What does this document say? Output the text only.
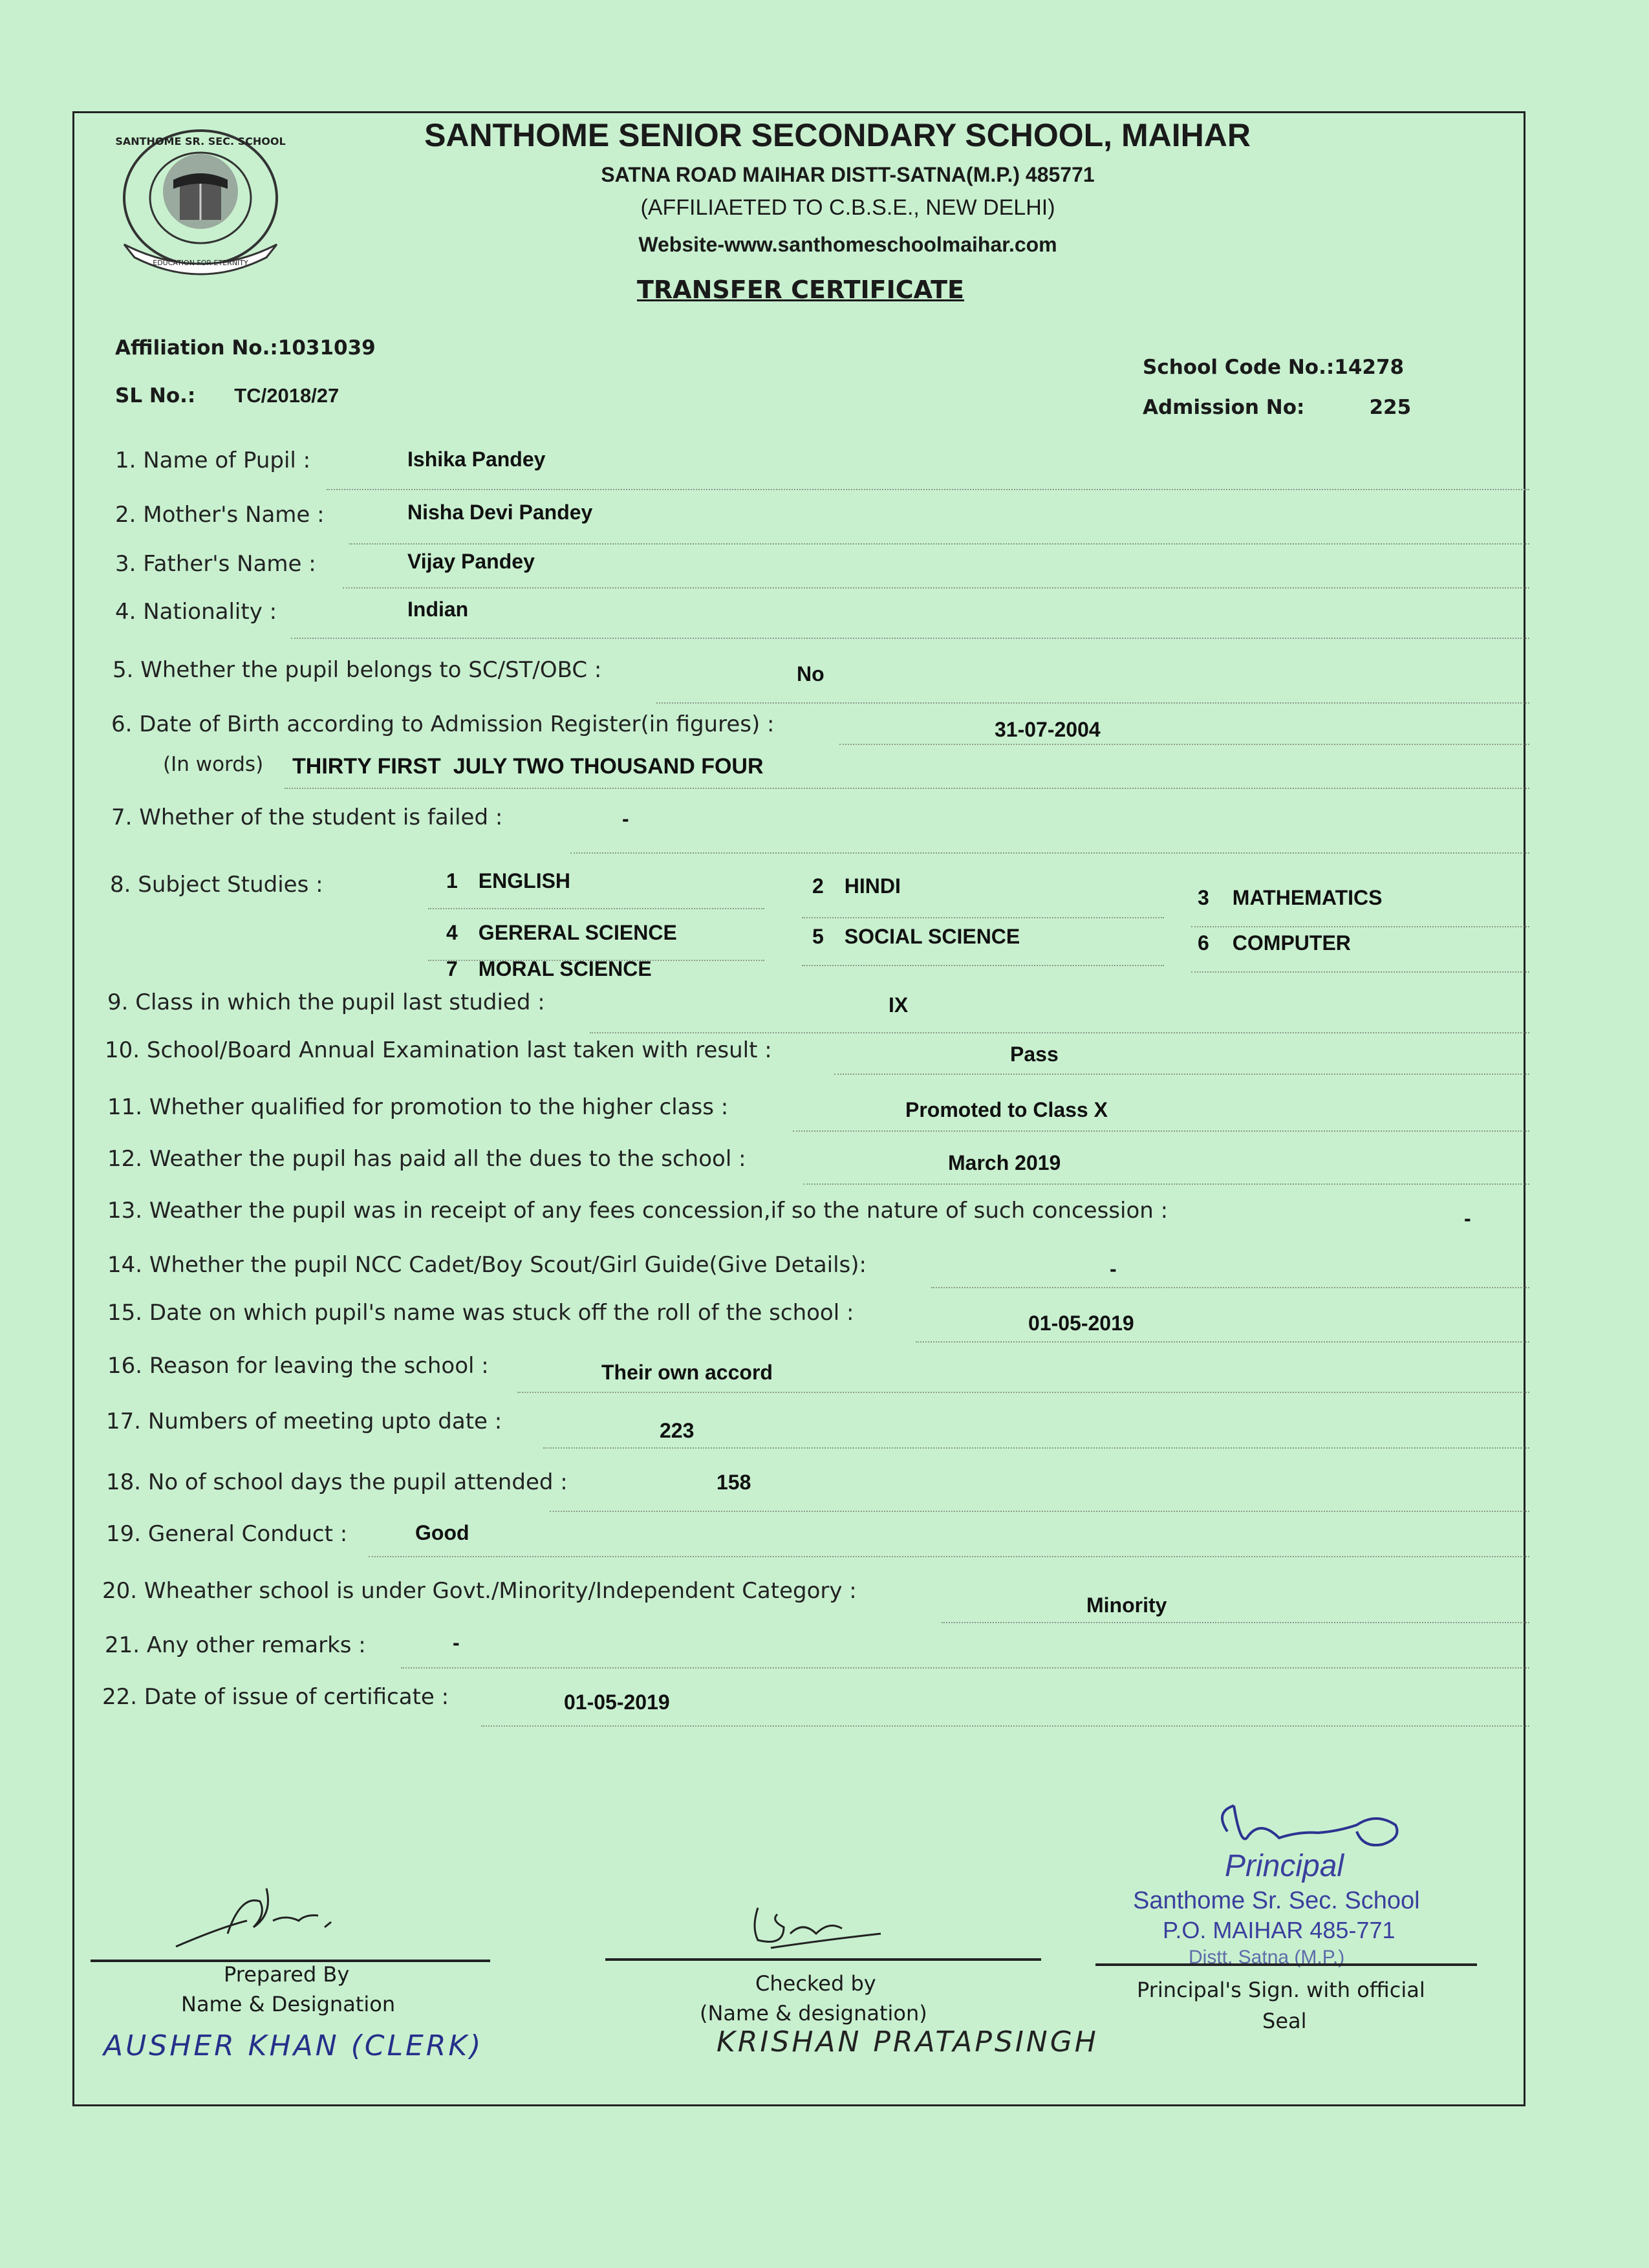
EDUCATION FOR ETERNITY
SANTHOME SR. SEC. SCHOOL	SANTHOME SENIOR SECONDARY SCHOOL, MAIHAR
SATNA ROAD MAIHAR DISTT-SATNA(M.P.) 485771
(AFFILIAETED TO C.B.S.E., NEW DELHI)
Website-www.santhomeschoolmaihar.com
TRANSFER CERTIFICATE
Affiliation No.:1031039
SL No.: TC/2018/27
School Code No.:14278
Admission No:	225
1. Name of Pupil :	Ishika Pandey
2. Mother's Name :	Nisha Devi Pandey
3. Father's Name :	Vijay Pandey
4. Nationality :	Indian
5. Whether the pupil belongs to SC/ST/OBC :	No
6. Date of Birth according to Admission Register(in figures) :	31-07-2004
(In words) THIRTY FIRST  JULY TWO THOUSAND FOUR
7. Whether of the student is failed :	-
8. Subject Studies :	1 ENGLISH	2 HINDI	3 MATHEMATICS
4 GERERAL SCIENCE	5 SOCIAL SCIENCE	6 COMPUTER
7 MORAL SCIENCE
9. Class in which the pupil last studied :	IX
10. School/Board Annual Examination last taken with result :	Pass
11. Whether qualified for promotion to the higher class :	Promoted to Class X
12. Weather the pupil has paid all the dues to the school :	March 2019
13. Weather the pupil was in receipt of any fees concession,if so the nature of such concession :	-
14. Whether the pupil NCC Cadet/Boy Scout/Girl Guide(Give Details):	-
15. Date on which pupil's name was stuck off the roll of the school :	01-05-2019
16. Reason for leaving the school :	Their own accord
17. Numbers of meeting upto date :	223
18. No of school days the pupil attended :	158
19. General Conduct :	Good
20. Wheather school is under Govt./Minority/Independent Category :
Minority
21. Any other remarks :	-
22. Date of issue of certificate :	01-05-2019
Principal
Santhome Sr. Sec. School
P.O. MAIHAR 485-771
Distt. Satna (M.P.)
Prepared By
Name & Designation
AUSHER KHAN (CLERK)
Checked by
(Name & designation)
KRISHAN PRATAPSINGH
Principal's Sign. with official
Seal
